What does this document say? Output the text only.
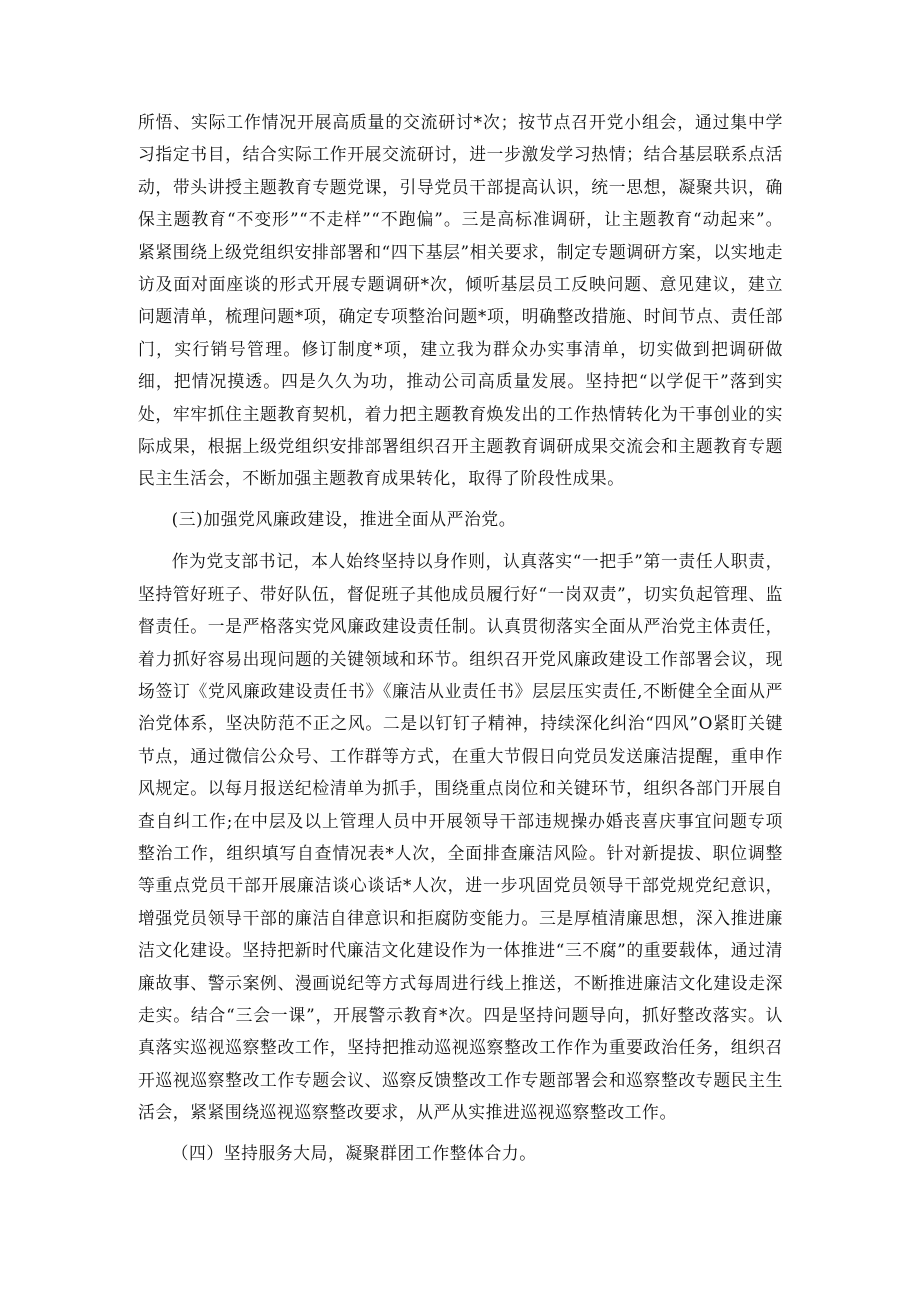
所悟、实际工作情况开展高质量的交流研讨*次；按节点召开党小组会，通过集中学习指定书目，结合实际工作开展交流研讨，进一步激发学习热情；结合基层联系点活动，带头讲授主题教育专题党课，引导党员干部提高认识，统一思想，凝聚共识，确保主题教育“不变形”“不走样”“不跑偏”。三是高标准调研，让主题教育“动起来”。紧紧围绕上级党组织安排部署和“四下基层”相关要求，制定专题调研方案，以实地走访及面对面座谈的形式开展专题调研*次，倾听基层员工反映问题、意见建议，建立问题清单，梳理问题*项，确定专项整治问题*项，明确整改措施、时间节点、责任部门，实行销号管理。修订制度*项，建立我为群众办实事清单，切实做到把调研做细，把情况摸透。四是久久为功，推动公司高质量发展。坚持把“以学促干”落到实处，牢牢抓住主题教育契机，着力把主题教育焕发出的工作热情转化为干事创业的实际成果，根据上级党组织安排部署组织召开主题教育调研成果交流会和主题教育专题民主生活会，不断加强主题教育成果转化，取得了阶段性成果。

(三)加强党风廉政建设，推进全面从严治党。

作为党支部书记，本人始终坚持以身作则，认真落实“一把手”第一责任人职责，坚持管好班子、带好队伍，督促班子其他成员履行好“一岗双责”，切实负起管理、监督责任。一是严格落实党风廉政建设责任制。认真贯彻落实全面从严治党主体责任，着力抓好容易出现问题的关键领域和环节。组织召开党风廉政建设工作部署会议，现场签订《党风廉政建设责任书》《廉洁从业责任书》层层压实责任,不断健全全面从严治党体系，坚决防范不正之风。二是以钉钉子精神，持续深化纠治“四风”O紧盯关键节点，通过微信公众号、工作群等方式，在重大节假日向党员发送廉洁提醒，重申作风规定。以每月报送纪检清单为抓手，围绕重点岗位和关键环节，组织各部门开展自查自纠工作;在中层及以上管理人员中开展领导干部违规操办婚丧喜庆事宜问题专项整治工作，组织填写自查情况表*人次，全面排查廉洁风险。针对新提拔、职位调整等重点党员干部开展廉洁谈心谈话*人次，进一步巩固党员领导干部党规党纪意识，增强党员领导干部的廉洁自律意识和拒腐防变能力。三是厚植清廉思想，深入推进廉洁文化建设。坚持把新时代廉洁文化建设作为一体推进“三不腐”的重要载体，通过清廉故事、警示案例、漫画说纪等方式每周进行线上推送，不断推进廉洁文化建设走深走实。结合“三会一课”，开展警示教育*次。四是坚持问题导向，抓好整改落实。认真落实巡视巡察整改工作，坚持把推动巡视巡察整改工作作为重要政治任务，组织召开巡视巡察整改工作专题会议、巡察反馈整改工作专题部署会和巡察整改专题民主生活会，紧紧围绕巡视巡察整改要求，从严从实推进巡视巡察整改工作。

（四）坚持服务大局，凝聚群团工作整体合力。
